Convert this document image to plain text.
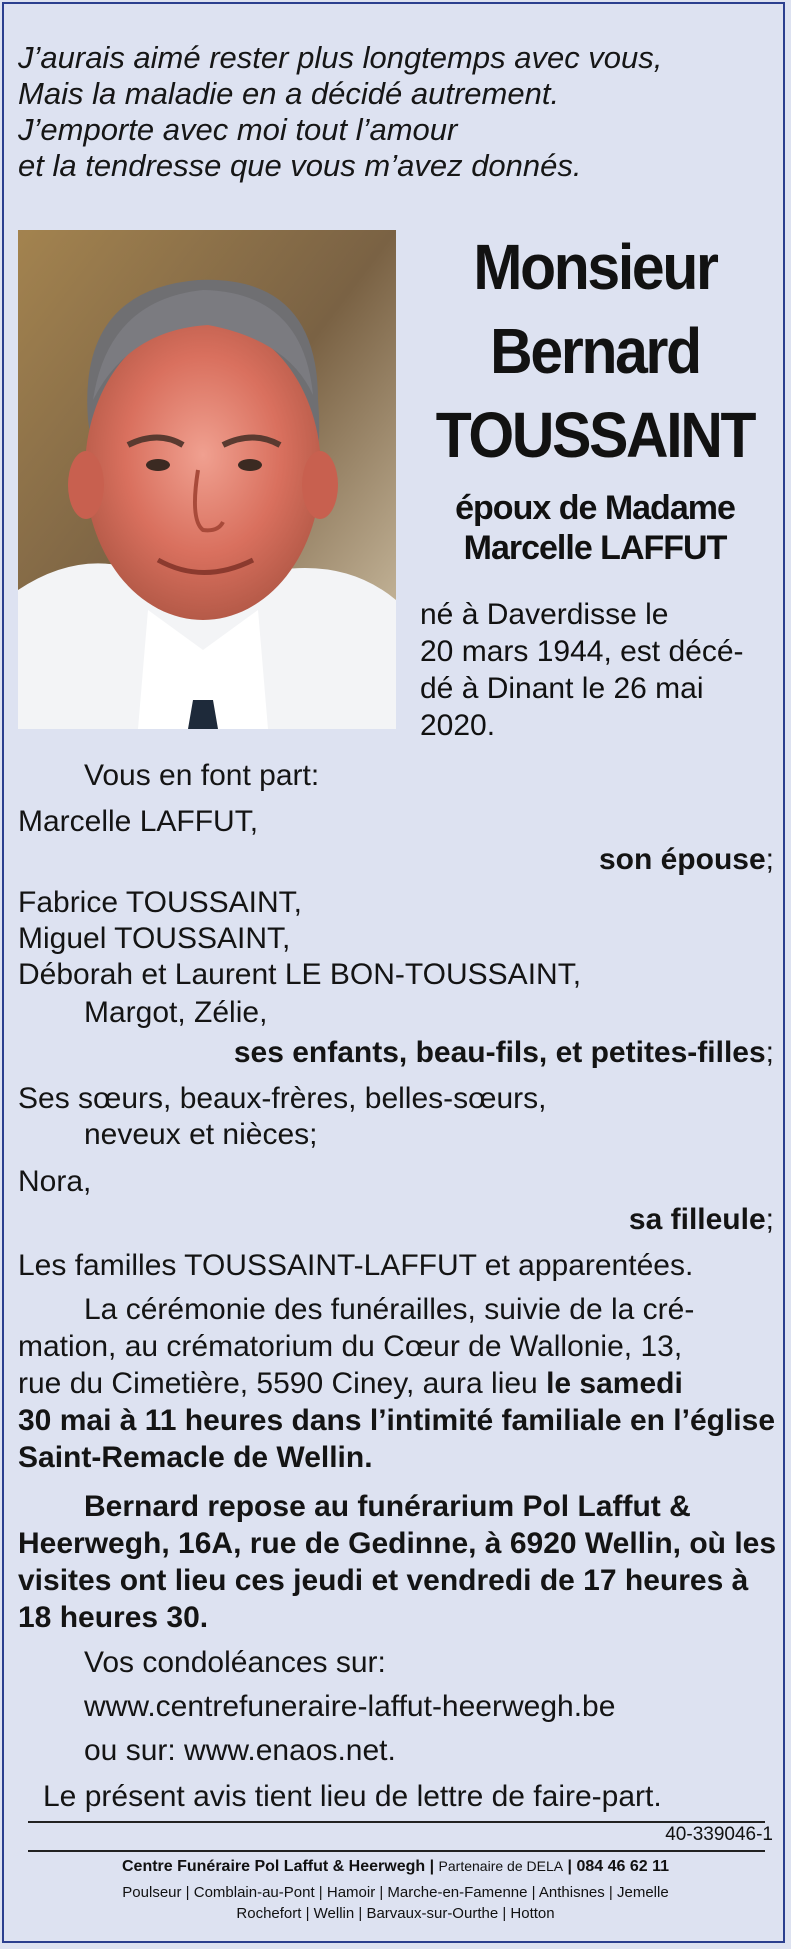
J’aurais aimé rester plus longtemps avec vous,
Mais la maladie en a décidé autrement.
J’emporte avec moi tout l’amour
et la tendresse que vous m’avez donnés.
Monsieur
Bernard
TOUSSAINT
époux de Madame
Marcelle LAFFUT
né à Daverdisse le
20 mars 1944, est décé-
dé à Dinant le 26 mai
2020.
Vous en font part:
Marcelle LAFFUT,
son épouse;
Fabrice TOUSSAINT,
Miguel TOUSSAINT,
Déborah et Laurent LE BON-TOUSSAINT,
Margot, Zélie,
ses enfants, beau-fils, et petites-filles;
Ses sœurs, beaux-frères, belles-sœurs,
neveux et nièces;
Nora,
sa filleule;
Les familles TOUSSAINT-LAFFUT et apparentées.
La cérémonie des funérailles, suivie de la cré-
mation, au crématorium du Cœur de Wallonie, 13,
rue du Cimetière, 5590 Ciney, aura lieu le samedi
30 mai à 11 heures dans l’intimité familiale en l’église
Saint-Remacle de Wellin.
Bernard repose au funérarium Pol Laffut &
Heerwegh, 16A, rue de Gedinne, à 6920 Wellin, où les
visites ont lieu ces jeudi et vendredi de 17 heures à
18 heures 30.
Vos condoléances sur:
www.centrefuneraire-laffut-heerwegh.be
ou sur: www.enaos.net.
Le présent avis tient lieu de lettre de faire-part.
40-339046-1
Centre Funéraire Pol Laffut & Heerwegh | Partenaire de DELA | 084 46 62 11
Poulseur | Comblain-au-Pont | Hamoir | Marche-en-Famenne | Anthisnes | Jemelle
Rochefort | Wellin | Barvaux-sur-Ourthe | Hotton
